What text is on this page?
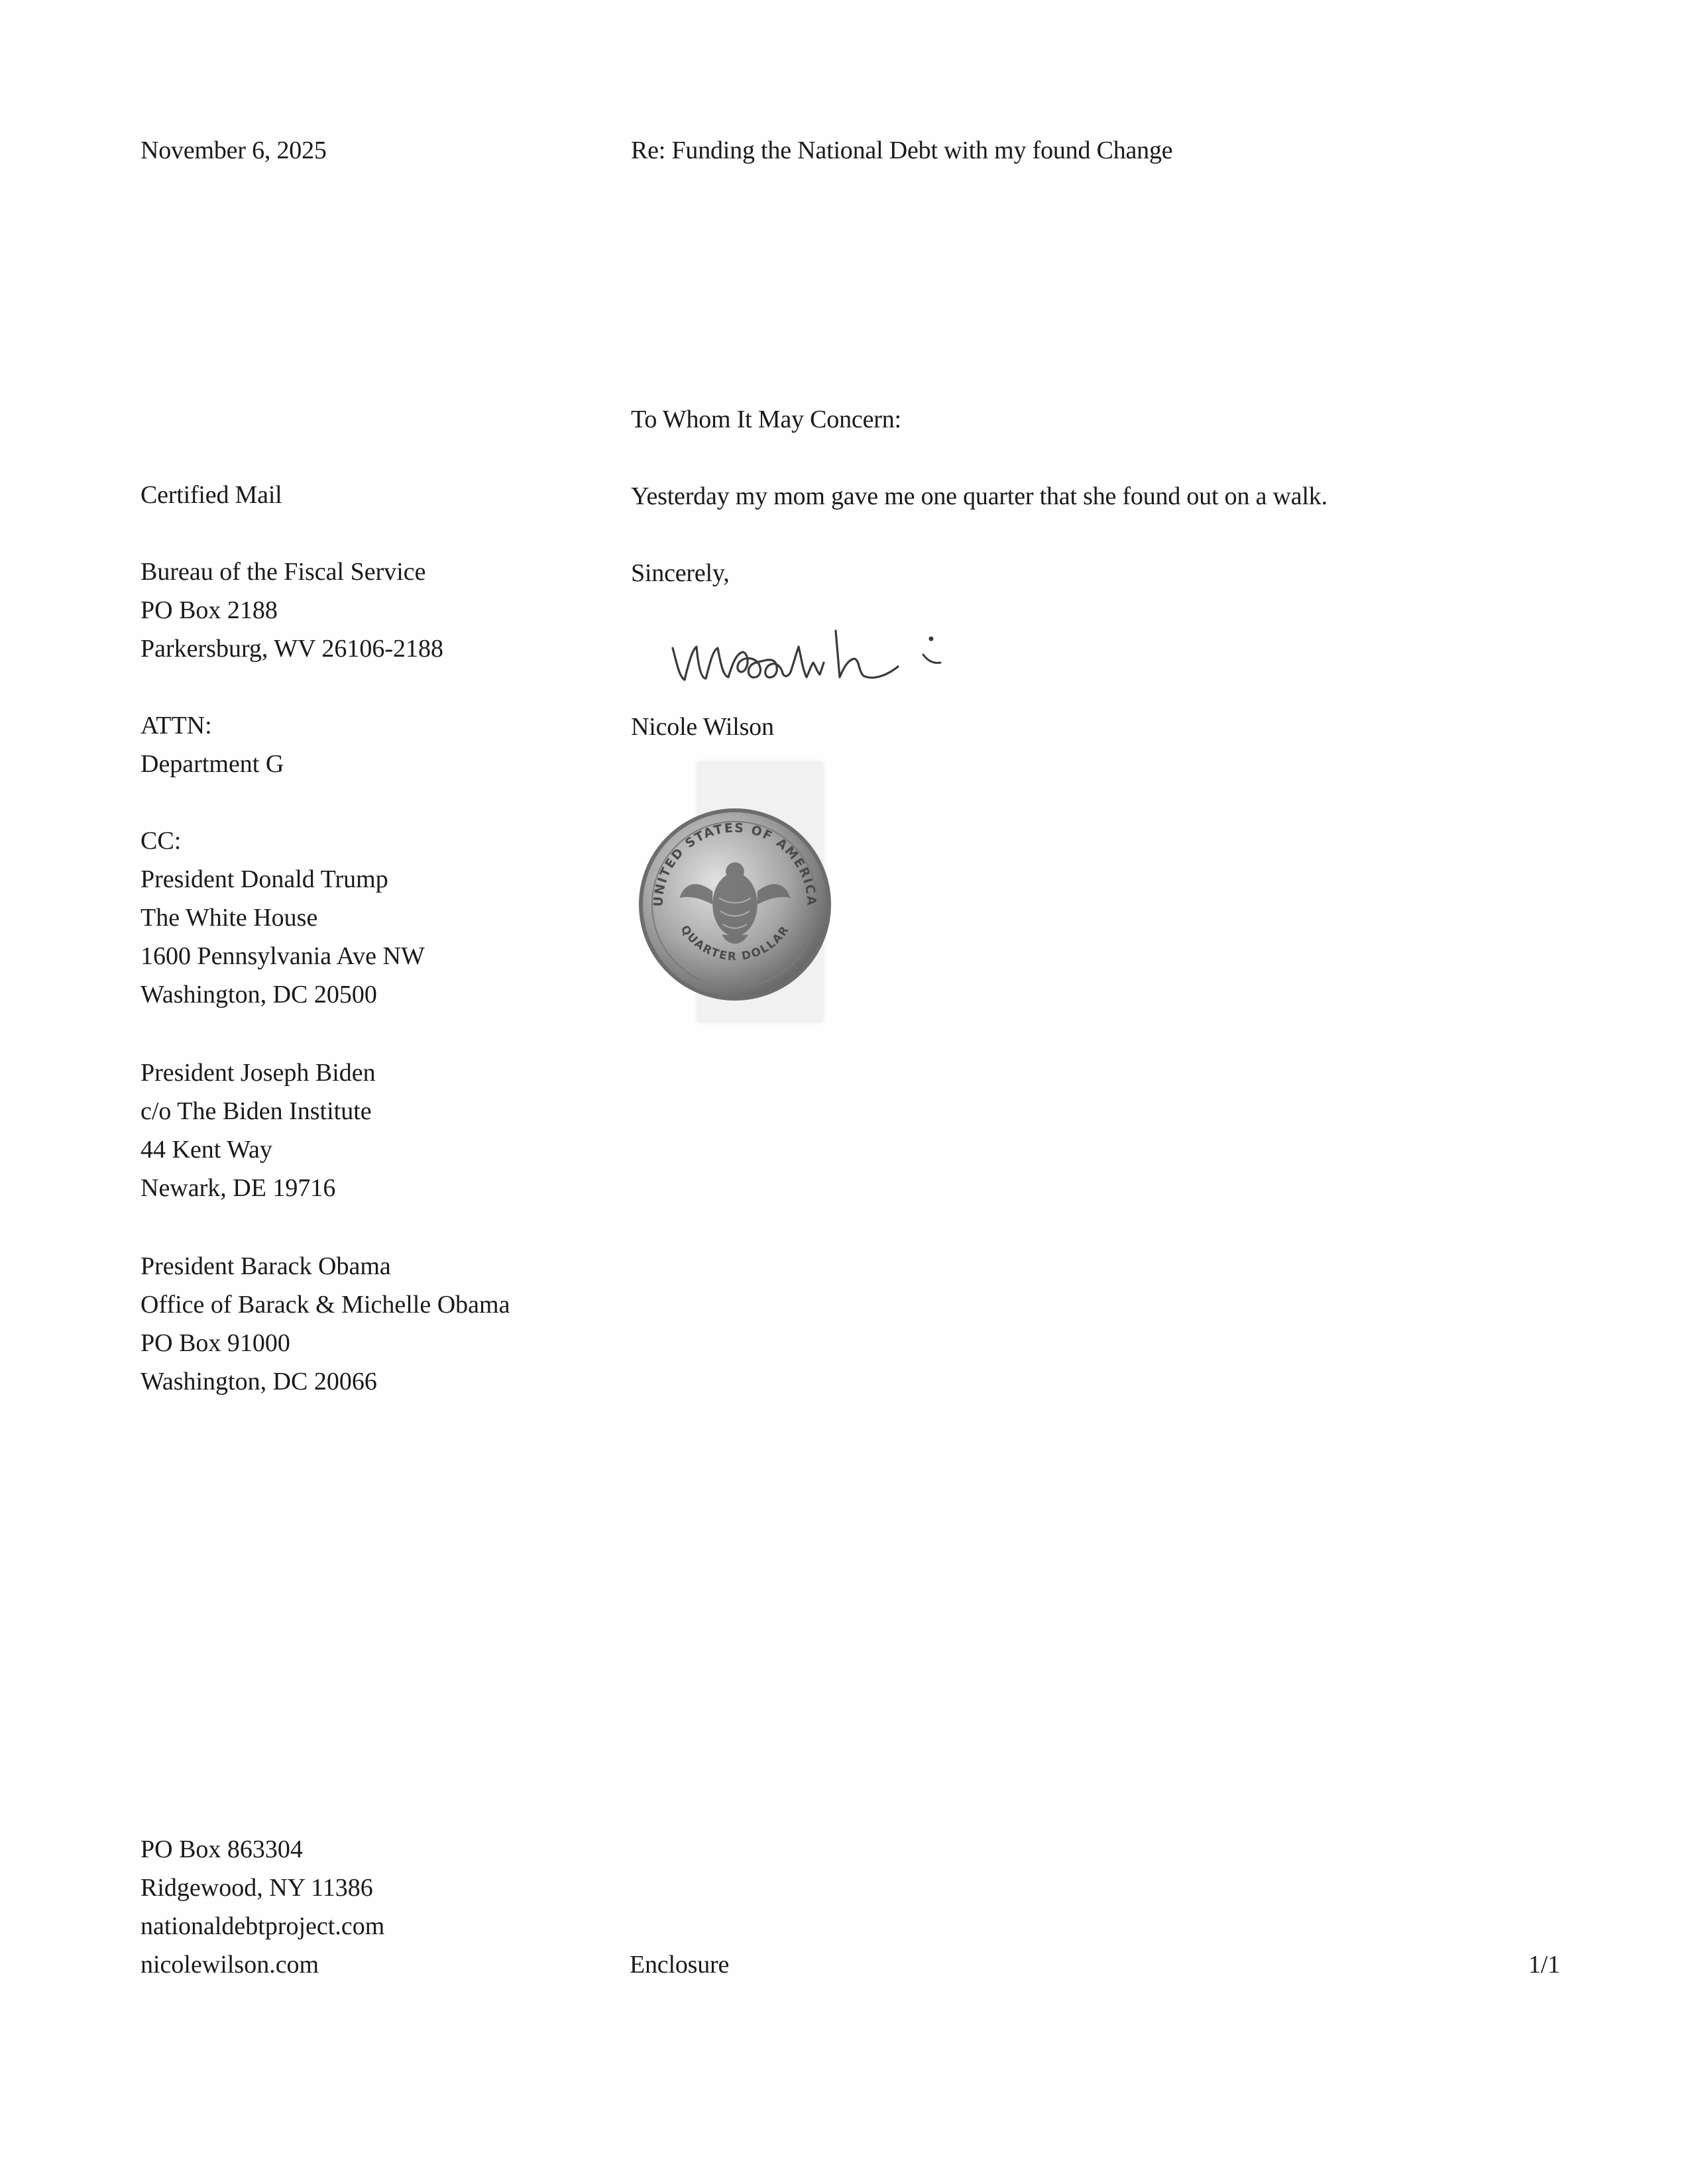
November 6, 2025	Re: Funding the National Debt with my found Change
To Whom It May Concern:
Yesterday my mom gave me one quarter that she found out on a walk.
Sincerely,
Nicole Wilson
Certified Mail
Bureau of the Fiscal Service
PO Box 2188
Parkersburg, WV 26106-2188
ATTN:
Department G
CC:
President Donald Trump
The White House
1600 Pennsylvania Ave NW
Washington, DC 20500
President Joseph Biden
c/o The Biden Institute
44 Kent Way
Newark, DE 19716
President Barack Obama
Office of Barack & Michelle Obama
PO Box 91000
Washington, DC 20066
UNITED STATES OF AMERICA
QUARTER DOLLAR
PO Box 863304
Ridgewood, NY 11386
nationaldebtproject.com
nicolewilson.com	Enclosure	1/1
